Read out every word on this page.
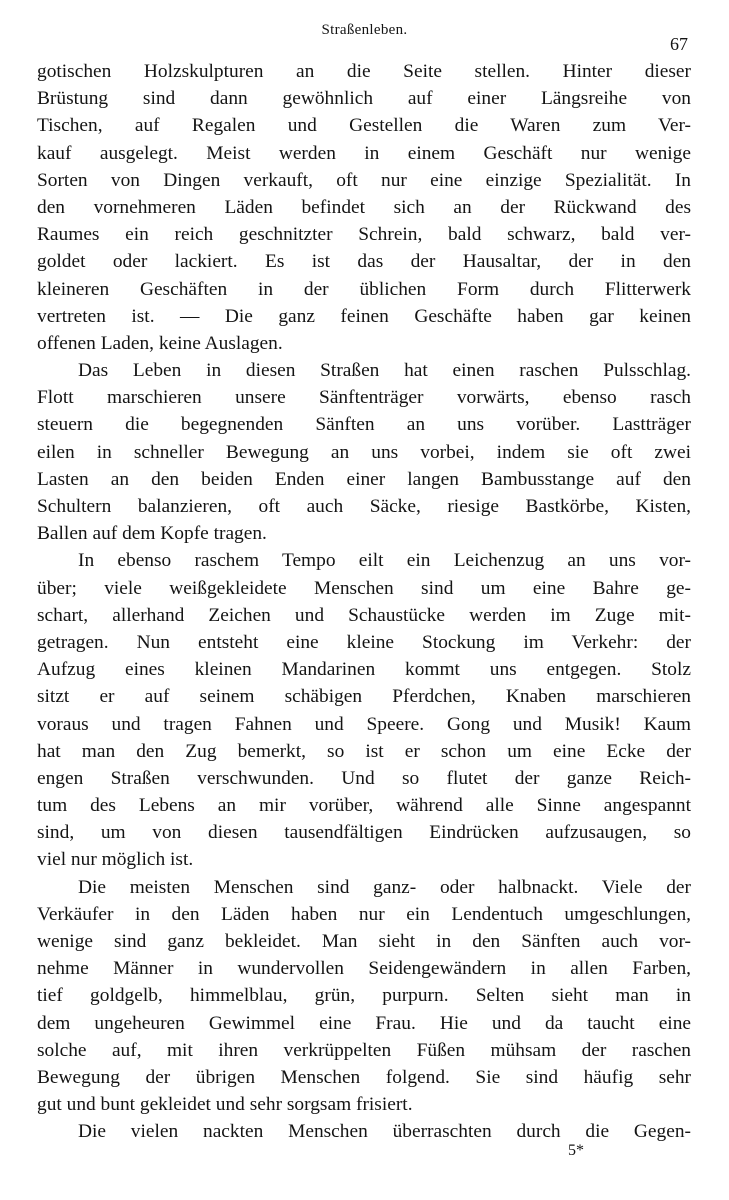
Straßenleben.
67
gotischen Holzskulpturen an die Seite stellen. Hinter dieser
Brüstung sind dann gewöhnlich auf einer Längsreihe von
Tischen, auf Regalen und Gestellen die Waren zum Ver-
kauf ausgelegt. Meist werden in einem Geschäft nur wenige
Sorten von Dingen verkauft, oft nur eine einzige Spezialität. In
den vornehmeren Läden befindet sich an der Rückwand des
Raumes ein reich geschnitzter Schrein, bald schwarz, bald ver-
goldet oder lackiert. Es ist das der Hausaltar, der in den
kleineren Geschäften in der üblichen Form durch Flitterwerk
vertreten ist. — Die ganz feinen Geschäfte haben gar keinen
offenen Laden, keine Auslagen.
Das Leben in diesen Straßen hat einen raschen Pulsschlag.
Flott marschieren unsere Sänftenträger vorwärts, ebenso rasch
steuern die begegnenden Sänften an uns vorüber. Lastträger
eilen in schneller Bewegung an uns vorbei, indem sie oft zwei
Lasten an den beiden Enden einer langen Bambusstange auf den
Schultern balanzieren, oft auch Säcke, riesige Bastkörbe, Kisten,
Ballen auf dem Kopfe tragen.
In ebenso raschem Tempo eilt ein Leichenzug an uns vor-
über; viele weißgekleidete Menschen sind um eine Bahre ge-
schart, allerhand Zeichen und Schaustücke werden im Zuge mit-
getragen. Nun entsteht eine kleine Stockung im Verkehr: der
Aufzug eines kleinen Mandarinen kommt uns entgegen. Stolz
sitzt er auf seinem schäbigen Pferdchen, Knaben marschieren
voraus und tragen Fahnen und Speere. Gong und Musik! Kaum
hat man den Zug bemerkt, so ist er schon um eine Ecke der
engen Straßen verschwunden. Und so flutet der ganze Reich-
tum des Lebens an mir vorüber, während alle Sinne angespannt
sind, um von diesen tausendfältigen Eindrücken aufzusaugen, so
viel nur möglich ist.
Die meisten Menschen sind ganz- oder halbnackt. Viele der
Verkäufer in den Läden haben nur ein Lendentuch umgeschlungen,
wenige sind ganz bekleidet. Man sieht in den Sänften auch vor-
nehme Männer in wundervollen Seidengewändern in allen Farben,
tief goldgelb, himmelblau, grün, purpurn. Selten sieht man in
dem ungeheuren Gewimmel eine Frau. Hie und da taucht eine
solche auf, mit ihren verkrüppelten Füßen mühsam der raschen
Bewegung der übrigen Menschen folgend. Sie sind häufig sehr
gut und bunt gekleidet und sehr sorgsam frisiert.
Die vielen nackten Menschen überraschten durch die Gegen-
5*
